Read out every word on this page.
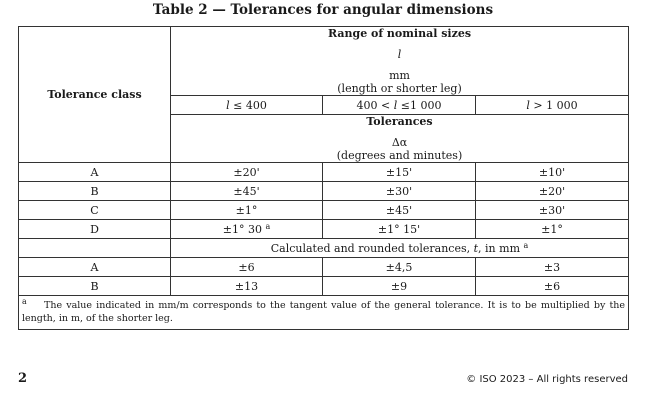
Table 2 — Tolerances for angular dimensions
Tolerance class	Range of nominal sizes
l
mm
(length or shorter leg)		

	l ≤ 400	400 < l ≤1 000	l > 1 000

	Tolerances
Δα
(degrees and minutes)		

A	±20'	±15'	±10'
B	±45'	±30'	±20'
C	±1°	±45'	±30'
D	±1° 30 $^a$	±1° 15'	±1°
	Calculated and rounded tolerances, t, in mm $^a$
A	±6	±4,5	±3
B	±13	±9	±6
$^a$ The value indicated in mm/m corresponds to the tangent value of the general tolerance. It is to be multiplied by the length, in m, of the shorter leg.			
2	© ISO 2023 – All rights reserved
